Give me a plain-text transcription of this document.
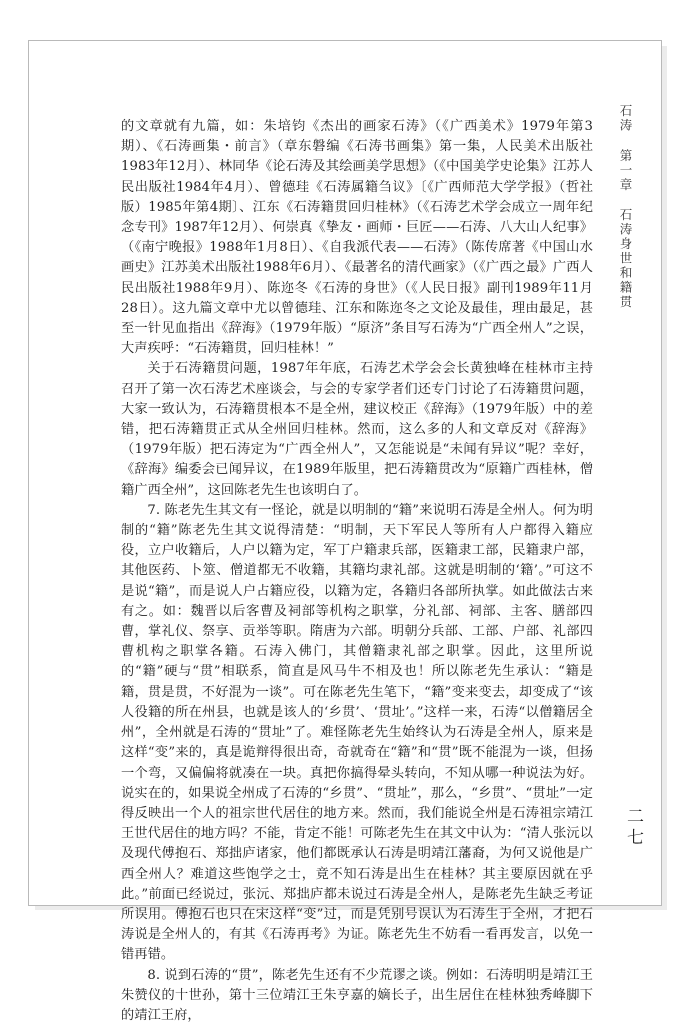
石涛 第一章 石涛身世和籍贯

的文章就有九篇，如：朱培钧《杰出的画家石涛》（《广西美术》1979年第3期）、《石涛画集・前言》（章东磐编《石涛书画集》第一集，人民美术出版社1983年12月）、林同华《论石涛及其绘画美学思想》（《中国美学史论集》江苏人民出版社1984年4月）、曾德珪《石涛属籍刍议》〔《广西师范大学学报》（哲社版）1985年第4期〕、江东《石涛籍贯回归桂林》（《石涛艺术学会成立一周年纪念专刊》1987年12月）、何崇真《挚友・画师・巨匠——石涛、八大山人纪事》（《南宁晚报》1988年1月8日）、《自我派代表——石涛》（陈传席著《中国山水画史》江苏美术出版社1988年6月）、《最著名的清代画家》（《广西之最》广西人民出版社1988年9月）、陈迩冬《石涛的身世》（《人民日报》副刊1989年11月28日）。这九篇文章中尤以曾德珪、江东和陈迩冬之文论及最佳，理由最足，甚至一针见血指出《辞海》（1979年版）“原济”条目写石涛为“广西全州人”之误，大声疾呼：“石涛籍贯，回归桂林！”

关于石涛籍贯问题，1987年年底，石涛艺术学会会长黄独峰在桂林市主持召开了第一次石涛艺术座谈会，与会的专家学者们还专门讨论了石涛籍贯问题，大家一致认为，石涛籍贯根本不是全州，建议校正《辞海》（1979年版）中的差错，把石涛籍贯正式从全州回归桂林。然而，这么多的人和文章反对《辞海》（1979年版）把石涛定为“广西全州人”，又怎能说是“未闻有异议”呢？幸好，《辞海》编委会已闻异议，在1989年版里，把石涛籍贯改为“原籍广西桂林，僧籍广西全州”，这回陈老先生也该明白了。

7. 陈老先生其文有一怪论，就是以明制的“籍”来说明石涛是全州人。何为明制的“籍”陈老先生其文说得清楚：“明制，天下军民人等所有人户都得入籍应役，立户收籍后，人户以籍为定，军丁户籍隶兵部，医籍隶工部，民籍隶户部，其他医药、卜筮、僧道都无不收籍，其籍均隶礼部。这就是明制的‘籍’。”可这不是说“籍”，而是说人户占籍应役，以籍为定，各籍归各部所执掌。如此做法古来有之。如：魏晋以后客曹及祠部等机构之职掌，分礼部、祠部、主客、膳部四曹，掌礼仪、祭享、贡举等职。隋唐为六部。明朝分兵部、工部、户部、礼部四曹机构之职掌各籍。石涛入佛门，其僧籍隶礼部之职掌。因此，这里所说的“籍”硬与“贯”相联系，简直是风马牛不相及也！所以陈老先生承认：“籍是籍，贯是贯，不好混为一谈”。可在陈老先生笔下，“籍”变来变去，却变成了“该人役籍的所在州县，也就是该人的‘乡贯’、‘贯址’。”这样一来，石涛“以僧籍居全州”，全州就是石涛的“贯址”了。难怪陈老先生始终认为石涛是全州人，原来是这样“变”来的，真是诡辩得很出奇，奇就奇在“籍”和“贯”既不能混为一谈，但扬一个弯，又偏偏将就凑在一块。真把你搞得晕头转向，不知从哪一种说法为好。说实在的，如果说全州成了石涛的“乡贯”、“贯址”，那么，“乡贯”、“贯址”一定得反映出一个人的祖宗世代居住的地方来。然而，我们能说全州是石涛祖宗靖江王世代居住的地方吗？不能，肯定不能！可陈老先生在其文中认为：“清人张沅以及现代傅抱石、郑拙庐诸家，他们都既承认石涛是明靖江藩裔，为何又说他是广西全州人？难道这些饱学之士，竟不知石涛是出生在桂林？其主要原因就在乎此。”前面已经说过，张沅、郑拙庐都未说过石涛是全州人，是陈老先生缺乏考证所误用。傅抱石也只在宋这样“变”过，而是凭别号误认为石涛生于全州，才把石涛说是全州人的，有其《石涛再考》为证。陈老先生不妨看一看再发言，以免一错再错。

8. 说到石涛的“贯”，陈老先生还有不少荒谬之谈。例如：石涛明明是靖江王朱赞仪的十世孙，第十三位靖江王朱亨嘉的嫡长子，出生居住在桂林独秀峰脚下的靖江王府，

二七
